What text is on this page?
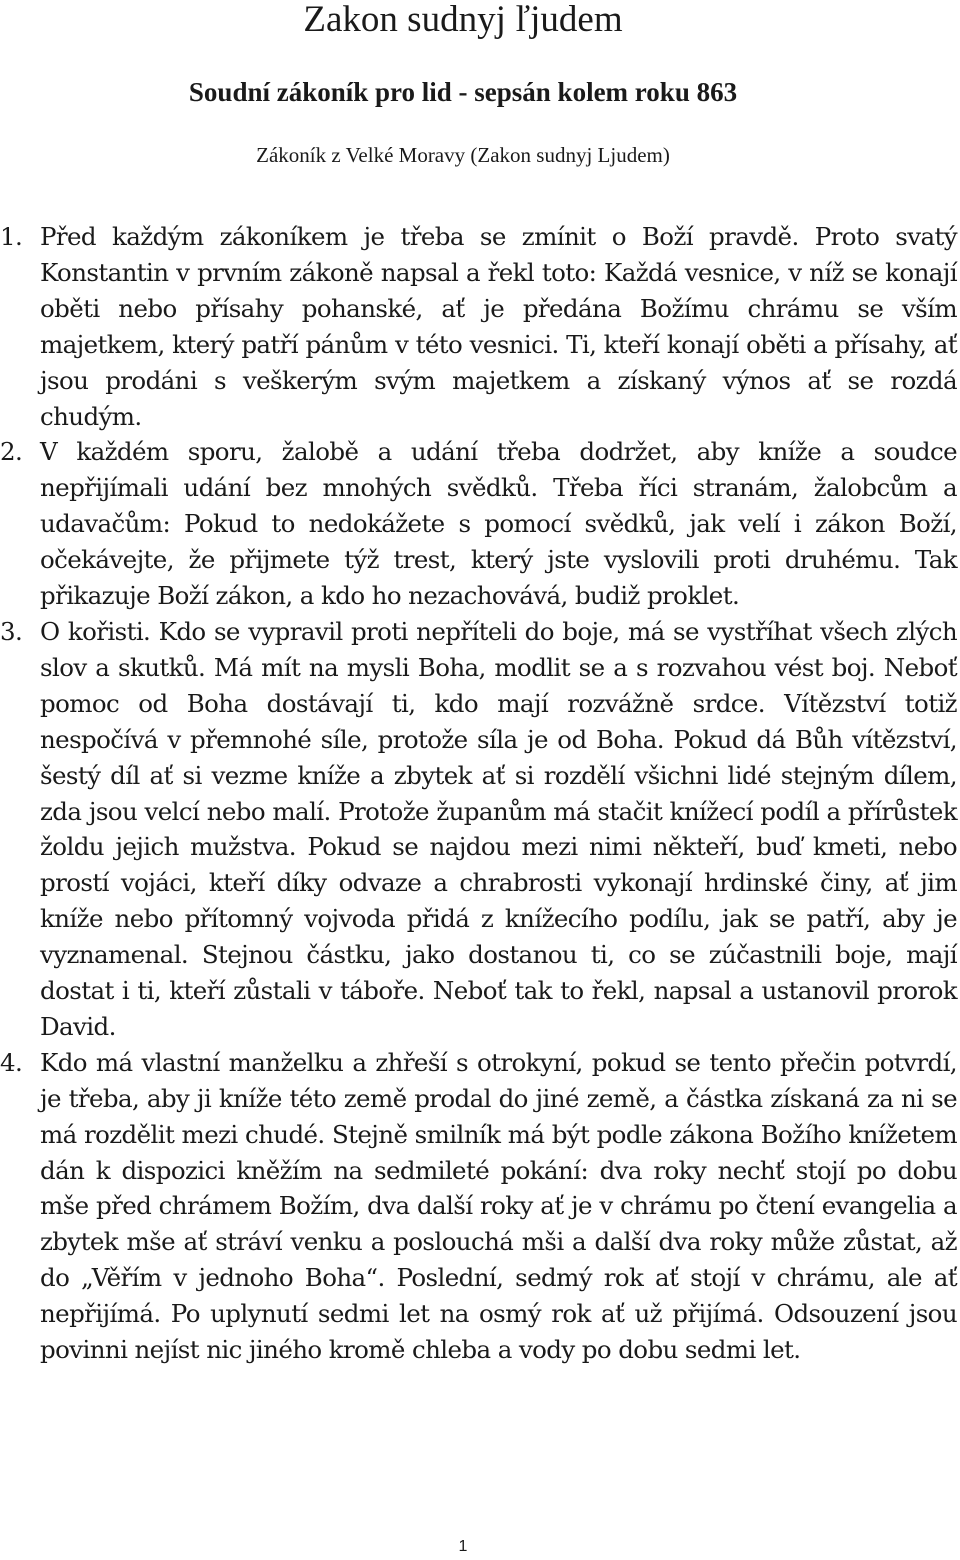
Zakon sudnyj ľjudem
Soudní zákoník pro lid - sepsán kolem roku 863

Zákoník z Velké Moravy (Zakon sudnyj Ljudem)

1. Před každým zákoníkem je třeba se zmínit o Boží pravdě. Proto svatý Konstantin v prvním zákoně napsal a řekl toto: Každá vesnice, v níž se konají oběti nebo přísahy pohanské, ať je předána Božímu chrámu se vším majetkem, který patří pánům v této vesnici. Ti, kteří konají oběti a přísahy, ať jsou prodáni s veškerým svým majetkem a získaný výnos ať se rozdá chudým.
2. V každém sporu, žalobě a udání třeba dodržet, aby kníže a soudce nepřijímali udání bez mnohých svědků. Třeba říci stranám, žalobcům a udavačům: Pokud to nedokážete s pomocí svědků, jak velí i zákon Boží, očekávejte, že přijmete týž trest, který jste vyslovili proti druhému. Tak přikazuje Boží zákon, a kdo ho nezachovává, budiž proklet.
3. O kořisti. Kdo se vypravil proti nepříteli do boje, má se vystříhat všech zlých slov a skutků. Má mít na mysli Boha, modlit se a s rozvahou vést boj. Neboť pomoc od Boha dostávají ti, kdo mají rozvážně srdce. Vítězství totiž nespočívá v přemnohé síle, protože síla je od Boha. Pokud dá Bůh vítězství, šestý díl ať si vezme kníže a zbytek ať si rozdělí všichni lidé stejným dílem, zda jsou velcí nebo malí. Protože županům má stačit knížecí podíl a přírůstek žoldu jejich mužstva. Pokud se najdou mezi nimi někteří, buď kmeti, nebo prostí vojáci, kteří díky odvaze a chrabrosti vykonají hrdinské činy, ať jim kníže nebo přítomný vojvoda přidá z knížecího podílu, jak se patří, aby je vyznamenal. Stejnou částku, jako dostanou ti, co se zúčastnili boje, mají dostat i ti, kteří zůstali v táboře. Neboť tak to řekl, napsal a ustanovil prorok David.
4. Kdo má vlastní manželku a zhřeší s otrokyní, pokud se tento přečin potvrdí, je třeba, aby ji kníže této země prodal do jiné země, a částka získaná za ni se má rozdělit mezi chudé. Stejně smilník má být podle zákona Božího knížetem dán k dispozici kněžím na sedmileté pokání: dva roky nechť stojí po dobu mše před chrámem Božím, dva další roky ať je v chrámu po čtení evangelia a zbytek mše ať stráví venku a poslouchá mši a další dva roky může zůstat, až do „Věřím v jednoho Boha“. Poslední, sedmý rok ať stojí v chrámu, ale ať nepřijímá. Po uplynutí sedmi let na osmý rok ať už přijímá. Odsouzení jsou povinni nejíst nic jiného kromě chleba a vody po dobu sedmi let.

1
